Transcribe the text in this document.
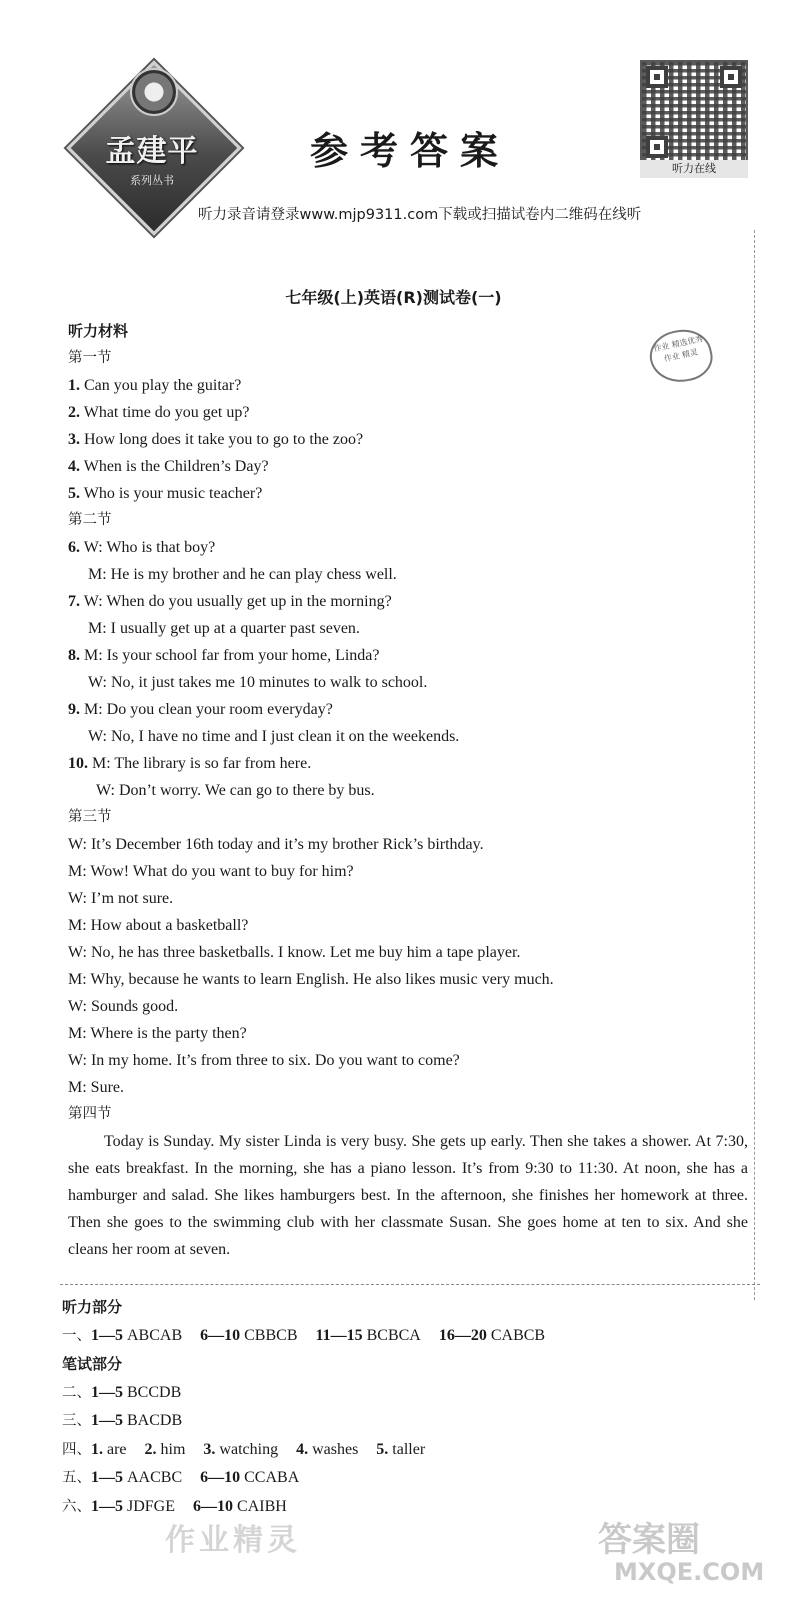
孟建平
系列丛书
参考答案	听力在线
听力录音请登录www.mjp9311.com下载或扫描试卷内二维码在线听
七年级(上)英语(R)测试卷(一)
作业 精选优秀作业 精灵
听力材料
第一节
1. Can you play the guitar?
2. What time do you get up?
3. How long does it take you to go to the zoo?
4. When is the Children’s Day?
5. Who is your music teacher?
第二节
6. W: Who is that boy?
M: He is my brother and he can play chess well.
7. W: When do you usually get up in the morning?
M: I usually get up at a quarter past seven.
8. M: Is your school far from your home, Linda?
W: No, it just takes me 10 minutes to walk to school.
9. M: Do you clean your room everyday?
W: No, I have no time and I just clean it on the weekends.
10. M: The library is so far from here.
W: Don’t worry. We can go to there by bus.
第三节
W: It’s December 16th today and it’s my brother Rick’s birthday.
M: Wow! What do you want to buy for him?
W: I’m not sure.
M: How about a basketball?
W: No, he has three basketballs. I know. Let me buy him a tape player.
M: Why, because he wants to learn English. He also likes music very much.
W: Sounds good.
M: Where is the party then?
W: In my home. It’s from three to six. Do you want to come?
M: Sure.
第四节
Today is Sunday. My sister Linda is very busy. She gets up early. Then she takes a shower. At 7:30, she eats breakfast. In the morning, she has a piano lesson. It’s from 9:30 to 11:30. At noon, she has a hamburger and salad. She likes hamburgers best. In the afternoon, she finishes her homework at three. Then she goes to the swimming club with her classmate Susan. She goes home at ten to six. And she cleans her room at seven.
听力部分
一、1—5 ABCAB 6—10 CBBCB 11—15 BCBCA 16—20 CABCB
笔试部分
二、1—5 BCCDB
三、1—5 BACDB
四、1. are 2. him 3. watching 4. washes 5. taller
五、1—5 AACBC 6—10 CCABA
六、1—5 JDFGE 6—10 CAIBH
作业精灵	答案圈
MXQE.COM
